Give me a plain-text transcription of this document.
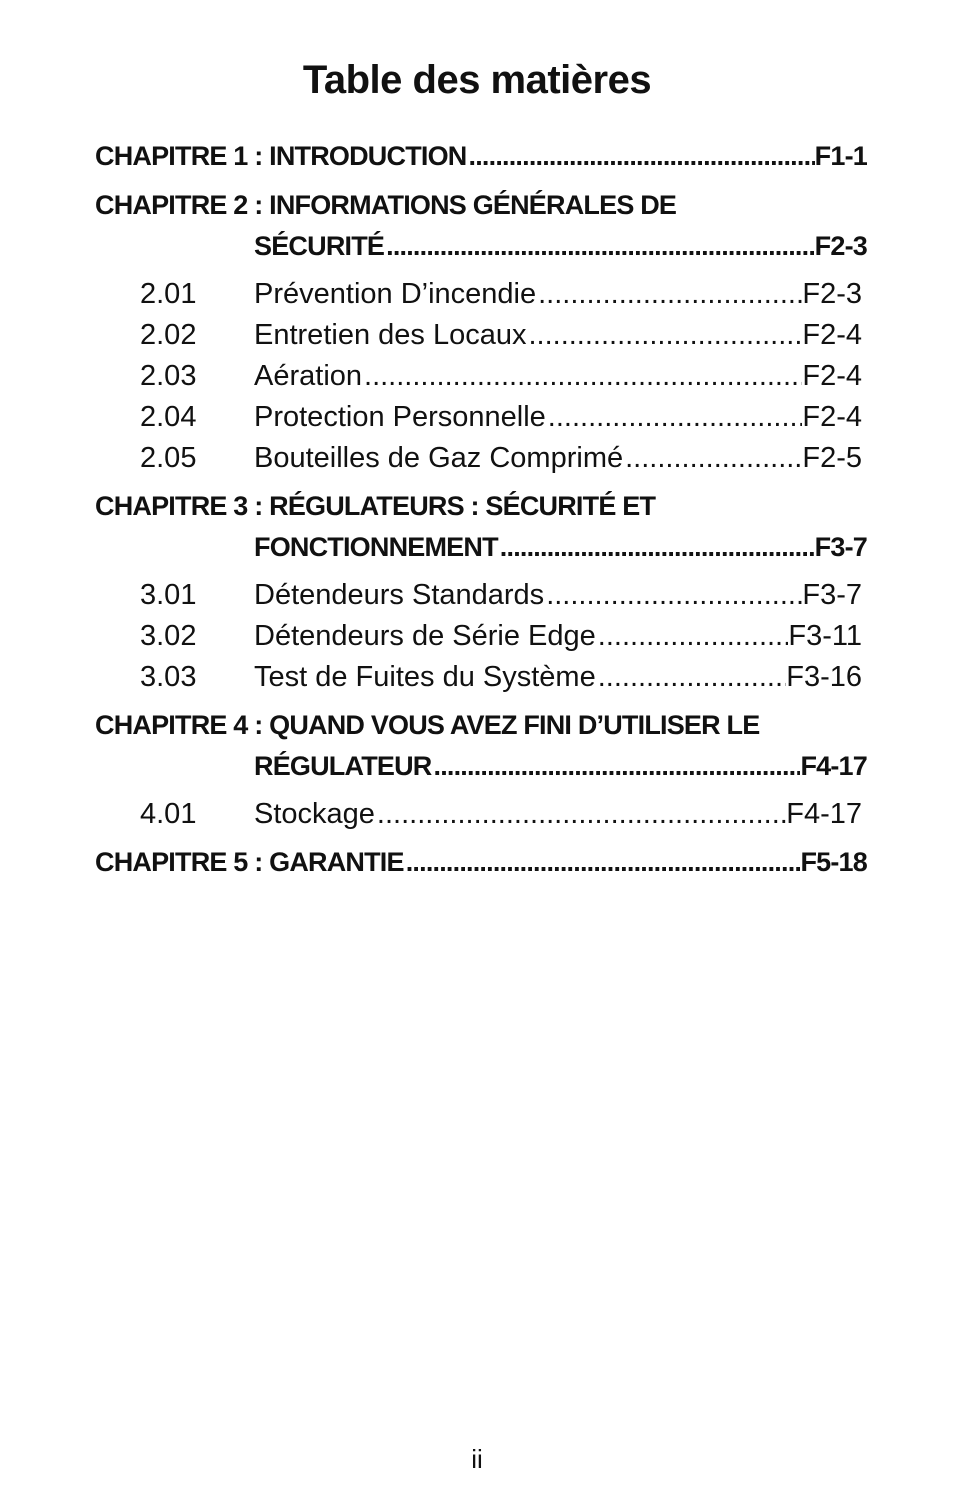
Table des matières
CHAPITRE 1 : INTRODUCTION .....	F1-1
CHAPITRE 2 : INFORMATIONS GÉNÉRALES DE
SÉCURITÉ .....	F2-3
2.01	Prévention D’incendie .....	F2-3
2.02	Entretien des Locaux .....	F2-4
2.03	Aération .....	F2-4
2.04	Protection Personnelle .....	F2-4
2.05	Bouteilles de Gaz Comprimé .....	F2-5
CHAPITRE 3 : RÉGULATEURS : SÉCURITÉ ET
FONCTIONNEMENT .....	F3-7
3.01	Détendeurs Standards .....	F3-7
3.02	Détendeurs de Série Edge .....	F3-11
3.03	Test de Fuites du Système .....	F3-16
CHAPITRE 4 : QUAND VOUS AVEZ FINI D’UTILISER LE
RÉGULATEUR .....	F4-17
4.01	Stockage .....	F4-17
CHAPITRE 5 : GARANTIE .....	F5-18
ii
